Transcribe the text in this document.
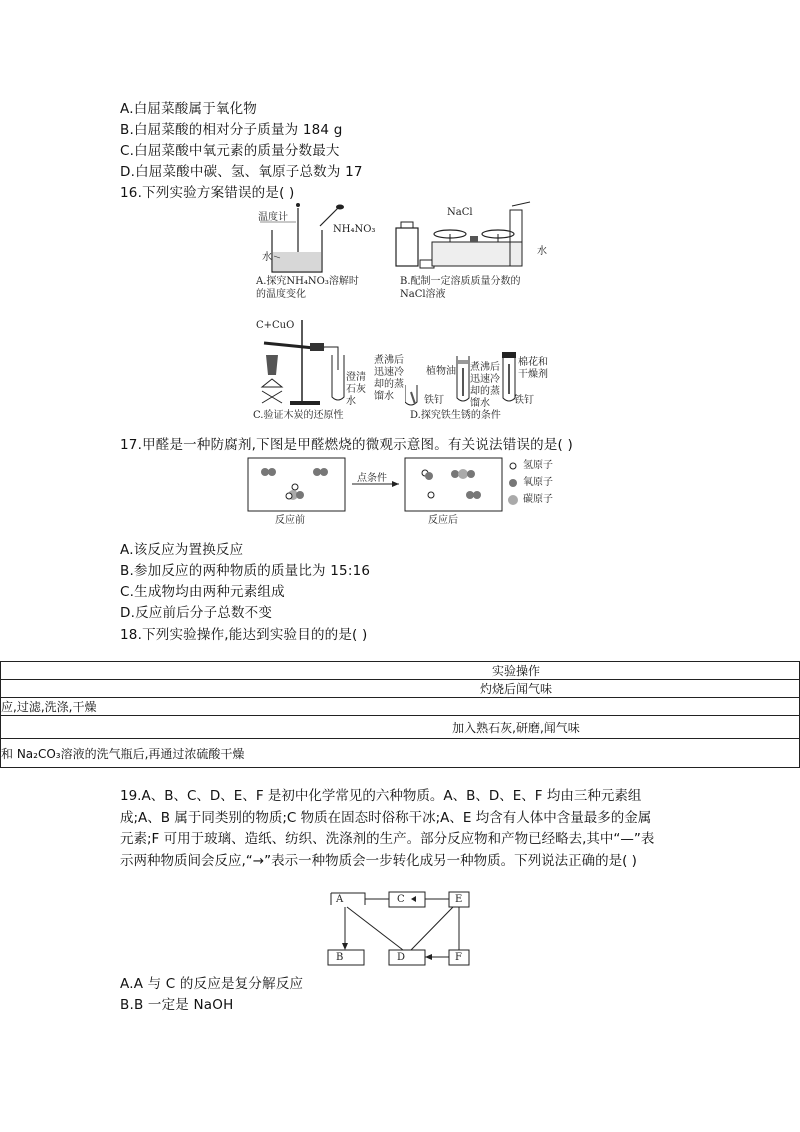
A.白屈菜酸属于氧化物
B.白屈菜酸的相对分子质量为 184 g
C.白屈菜酸中氧元素的质量分数最大
D.白屈菜酸中碳、氢、氧原子总数为 17
16.下列实验方案错误的是( )
温度计
NH₄NO₃
水
A.探究NH₄NO₃溶解时
的温度变化
NaCl
水
B.配制一定溶质质量分数的
NaCl溶液
C+CuO
澄清
石灰
水
C.验证木炭的还原性
煮沸后
迅速冷
却的蒸
馏水
植物油 煮沸后
迅速冷
却的蒸
馏水
棉花和
干燥剂
铁钉	铁钉
D.探究铁生锈的条件
17.甲醛是一种防腐剂,下图是甲醛燃烧的微观示意图。有关说法错误的是( )
点条件
氢原子
氧原子
碳原子
反应前	反应后
A.该反应为置换反应
B.参加反应的两种物质的质量比为 15:16
C.生成物均由两种元素组成
D.反应前后分子总数不变
18.下列实验操作,能达到实验目的的是( )
实验操作
灼烧后闻气味
应,过滤,洗涤,干燥
加入熟石灰,研磨,闻气味
和 Na₂CO₃溶液的洗气瓶后,再通过浓硫酸干燥
19.A、B、C、D、E、F 是初中化学常见的六种物质。A、B、D、E、F 均由三种元素组成;A、B 属于同类别的物质;C 物质在固态时俗称干冰;A、E 均含有人体中含量最多的金属元素;F 可用于玻璃、造纸、纺织、洗涤剂的生产。部分反应物和产物已经略去,其中“—”表示两种物质间会反应,“→”表示一种物质会一步转化成另一种物质。下列说法正确的是( )
A
B
C
D
E
F
A.A 与 C 的反应是复分解反应
B.B 一定是 NaOH
